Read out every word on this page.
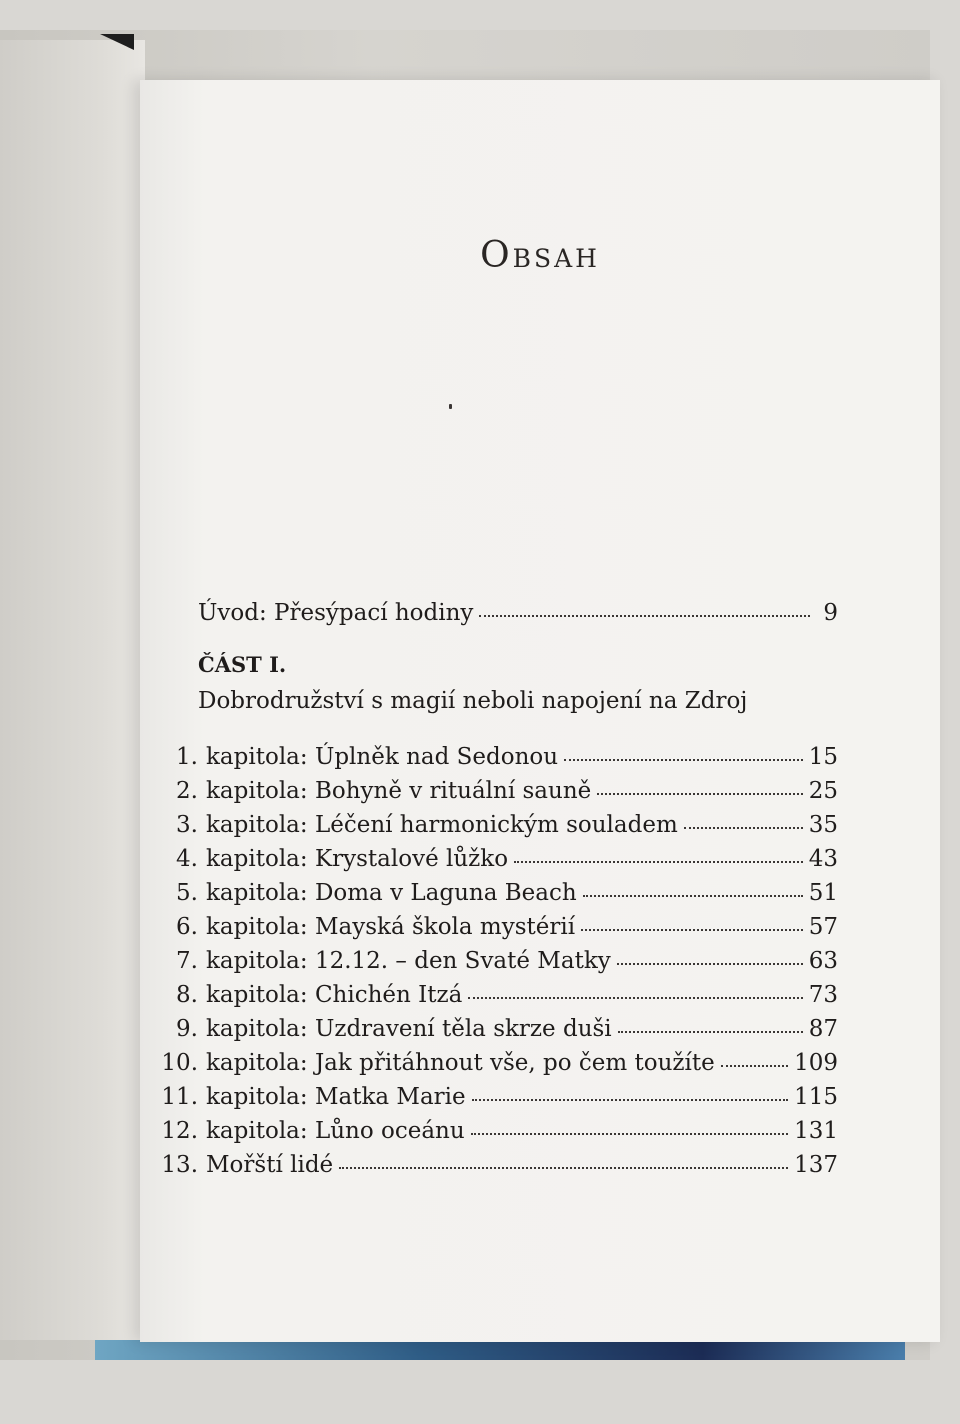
Obsah
Úvod: Přesýpací hodiny	9
ČÁST I.
Dobrodružství s magií neboli napojení na Zdroj
1. kapitola: Úplněk nad Sedonou	15
2. kapitola: Bohyně v rituální sauně	25
3. kapitola: Léčení harmonickým souladem	35
4. kapitola: Krystalové lůžko	43
5. kapitola: Doma v Laguna Beach	51
6. kapitola: Mayská škola mystérií	57
7. kapitola: 12.12. – den Svaté Matky	63
8. kapitola: Chichén Itzá	73
9. kapitola: Uzdravení těla skrze duši	87
10. kapitola: Jak přitáhnout vše, po čem toužíte	109
11. kapitola: Matka Marie	115
12. kapitola: Lůno oceánu	131
13. Mořští lidé	137
